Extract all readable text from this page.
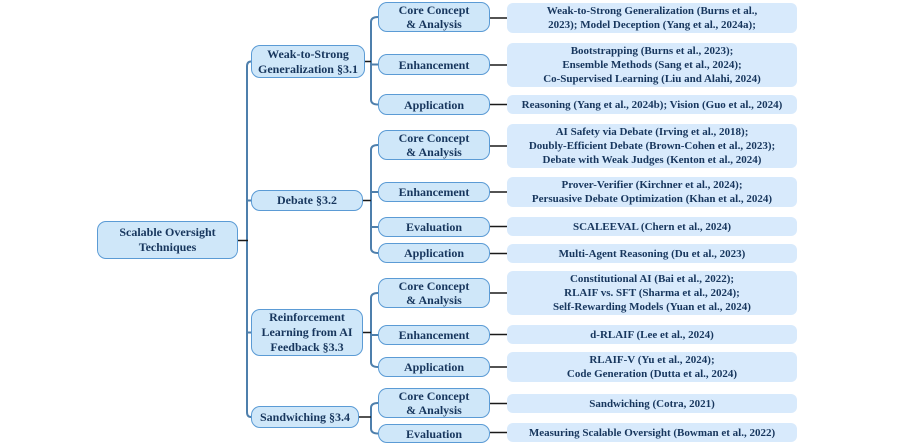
Scalable Oversight
Techniques
Weak-to-Strong
Generalization §3.1
Debate §3.2
Reinforcement
Learning from AI
Feedback §3.3
Sandwiching §3.4
Core Concept
& Analysis
Enhancement
Application
Core Concept
& Analysis
Enhancement
Evaluation
Application
Core Concept
& Analysis
Enhancement
Application
Core Concept
& Analysis
Evaluation
Weak-to-Strong Generalization (Burns et al.,
2023); Model Deception (Yang et al., 2024a);
Bootstrapping (Burns et al., 2023);
Ensemble Methods (Sang et al., 2024);
Co-Supervised Learning (Liu and Alahi, 2024)
Reasoning (Yang et al., 2024b); Vision (Guo et al., 2024)
AI Safety via Debate (Irving et al., 2018);
Doubly-Efficient Debate (Brown-Cohen et al., 2023);
Debate with Weak Judges (Kenton et al., 2024)
Prover-Verifier (Kirchner et al., 2024);
Persuasive Debate Optimization (Khan et al., 2024)
SCALEEVAL (Chern et al., 2024)
Multi-Agent Reasoning (Du et al., 2023)
Constitutional AI (Bai et al., 2022);
RLAIF vs. SFT (Sharma et al., 2024);
Self-Rewarding Models (Yuan et al., 2024)
d-RLAIF (Lee et al., 2024)
RLAIF-V (Yu et al., 2024);
Code Generation (Dutta et al., 2024)
Sandwiching (Cotra, 2021)
Measuring Scalable Oversight (Bowman et al., 2022)
